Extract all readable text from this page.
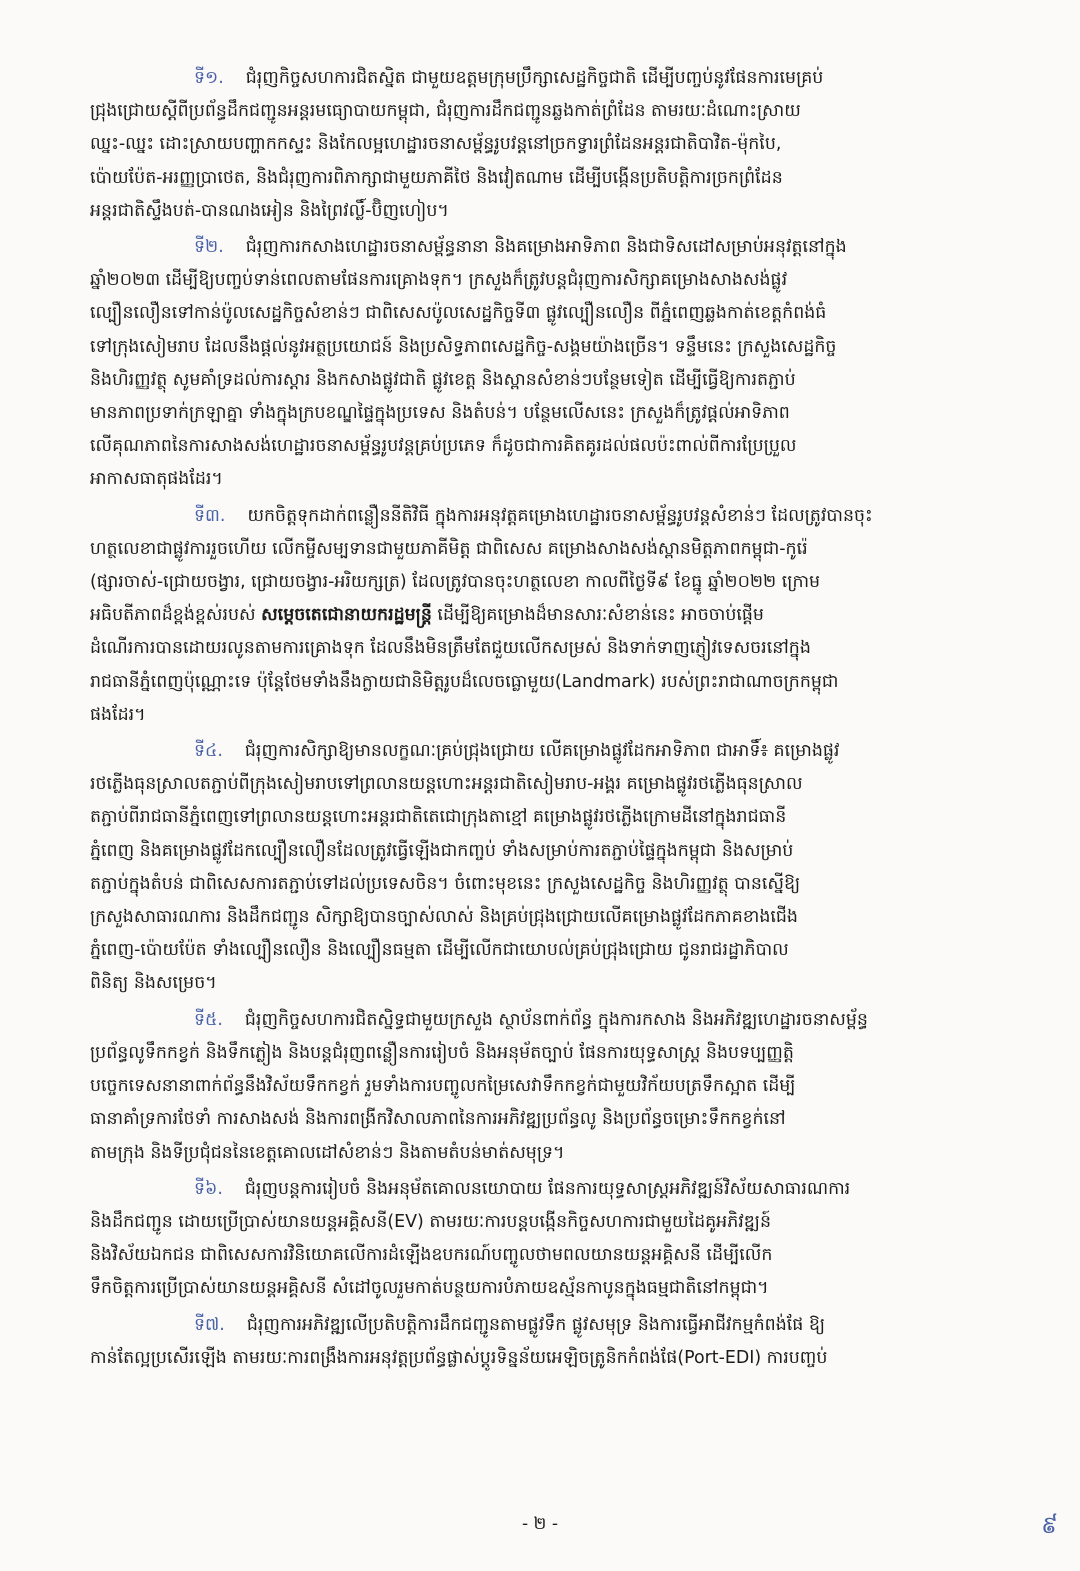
ទី១. ជំរុញកិច្ចសហការជិតស្និត ជាមួយឧត្តមក្រុមប្រឹក្សាសេដ្ឋកិច្ចជាតិ ដើម្បីបញ្ចប់នូវផែនការមេគ្រប់
ជ្រុងជ្រោយស្តីពីប្រព័ន្ធដឹកជញ្ជូនអន្តរមធ្យោបាយកម្ពុជា, ជំរុញការដឹកជញ្ជូនឆ្លងកាត់ព្រំដែន តាមរយៈដំណោះស្រាយ
ឈ្នះ-ឈ្នះ ដោះស្រាយបញ្ហាកកស្ទះ និងកែលម្អហេដ្ឋារចនាសម្ព័ន្ធរូបវន្តនៅច្រកទ្វារព្រំដែនអន្តរជាតិបាវិត-ម៉ុកបៃ,
ប៉ោយប៉ែត-អរញ្ញប្រាថេត, និងជំរុញការពិភាក្សាជាមួយភាគីថៃ និងវៀតណាម ដើម្បីបង្កើនប្រតិបត្តិការច្រកព្រំដែន
អន្តរជាតិស្ទឹងបត់-បានណងអៀន និងព្រៃវល្លិ៍-ប៊ិញហៀប។
ទី២. ជំរុញការកសាងហេដ្ឋារចនាសម្ព័ន្ធនានា និងគម្រោងអាទិភាព និងជាទិសដៅសម្រាប់អនុវត្តនៅក្នុង
ឆ្នាំ២០២៣ ដើម្បីឱ្យបញ្ចប់ទាន់ពេលតាមផែនការគ្រោងទុក។ ក្រសួងក៏ត្រូវបន្តជំរុញការសិក្សាគម្រោងសាងសង់ផ្លូវ
ល្បឿនលឿនទៅកាន់ប៉ូលសេដ្ឋកិច្ចសំខាន់ៗ ជាពិសេសប៉ូលសេដ្ឋកិច្ចទី៣ ផ្លូវល្បឿនលឿន ពីភ្នំពេញឆ្លងកាត់ខេត្តកំពង់ធំ
ទៅក្រុងសៀមរាប ដែលនឹងផ្តល់នូវអត្ថប្រយោជន៍ និងប្រសិទ្ធភាពសេដ្ឋកិច្ច-សង្គមយ៉ាងច្រើន។ ទន្ទឹមនេះ ក្រសួងសេដ្ឋកិច្ច
និងហិរញ្ញវត្ថុ សូមគាំទ្រដល់ការស្តារ និងកសាងផ្លូវជាតិ ផ្លូវខេត្ត និងស្ពានសំខាន់ៗបន្ថែមទៀត ដើម្បីធ្វើឱ្យការតភ្ជាប់
មានភាពប្រទាក់ក្រឡាគ្នា ទាំងក្នុងក្របខណ្ឌផ្ទៃក្នុងប្រទេស និងតំបន់។ បន្ថែមលើសនេះ ក្រសួងក៏ត្រូវផ្តល់អាទិភាព
លើគុណភាពនៃការសាងសង់ហេដ្ឋារចនាសម្ព័ន្ធរូបវន្តគ្រប់ប្រភេទ ក៏ដូចជាការគិតគូរដល់ផលប៉ះពាល់ពីការប្រែប្រួល
អាកាសធាតុផងដែរ។
ទី៣. យកចិត្តទុកដាក់ពន្លឿននីតិវិធី ក្នុងការអនុវត្តគម្រោងហេដ្ឋារចនាសម្ព័ន្ធរូបវន្តសំខាន់ៗ ដែលត្រូវបានចុះ
ហត្ថលេខាជាផ្លូវការរួចហើយ លើកម្ចីសម្បទានជាមួយភាគីមិត្ត ជាពិសេស គម្រោងសាងសង់ស្ពានមិត្តភាពកម្ពុជា-កូរ៉េ
(ផ្សារចាស់-ជ្រោយចង្វារ, ជ្រោយចង្វារ-អរិយក្សត្រ) ដែលត្រូវបានចុះហត្ថលេខា កាលពីថ្ងៃទី៩ ខែធ្នូ ឆ្នាំ២០២២ ក្រោម
អធិបតីភាពដ៏ខ្ពង់ខ្ពស់របស់ សម្តេចតេជោនាយករដ្ឋមន្ត្រី ដើម្បីឱ្យគម្រោងដ៏មានសារៈសំខាន់នេះ អាចចាប់ផ្តើម
ដំណើរការបានដោយរលូនតាមការគ្រោងទុក ដែលនឹងមិនត្រឹមតែជួយលើកសម្រស់ និងទាក់ទាញភ្ញៀវទេសចរនៅក្នុង
រាជធានីភ្នំពេញប៉ុណ្ណោះទេ ប៉ុន្តែថែមទាំងនឹងក្លាយជានិមិត្តរូបដ៏លេចធ្លោមួយ(Landmark) របស់ព្រះរាជាណាចក្រកម្ពុជា
ផងដែរ។
ទី៤. ជំរុញការសិក្សាឱ្យមានលក្ខណៈគ្រប់ជ្រុងជ្រោយ លើគម្រោងផ្លូវដែកអាទិភាព ជាអាទិ៍៖ គម្រោងផ្លូវ
រថភ្លើងធុនស្រាលតភ្ជាប់ពីក្រុងសៀមរាបទៅព្រលានយន្តហោះអន្តរជាតិសៀមរាប-អង្គរ គម្រោងផ្លូវរថភ្លើងធុនស្រាល
តភ្ជាប់ពីរាជធានីភ្នំពេញទៅព្រលានយន្តហោះអន្តរជាតិតេជោក្រុងតាខ្មៅ គម្រោងផ្លូវរថភ្លើងក្រោមដីនៅក្នុងរាជធានី
ភ្នំពេញ និងគម្រោងផ្លូវដែកល្បឿនលឿនដែលត្រូវធ្វើឡើងជាកញ្ចប់ ទាំងសម្រាប់ការតភ្ជាប់ផ្ទៃក្នុងកម្ពុជា និងសម្រាប់
តភ្ជាប់ក្នុងតំបន់ ជាពិសេសការតភ្ជាប់ទៅដល់ប្រទេសចិន។ ចំពោះមុខនេះ ក្រសួងសេដ្ឋកិច្ច និងហិរញ្ញវត្ថុ បានស្នើឱ្យ
ក្រសួងសាធារណការ និងដឹកជញ្ជូន សិក្សាឱ្យបានច្បាស់លាស់ និងគ្រប់ជ្រុងជ្រោយលើគម្រោងផ្លូវដែកភាគខាងជើង
ភ្នំពេញ-ប៉ោយប៉ែត ទាំងល្បឿនលឿន និងល្បឿនធម្មតា ដើម្បីលើកជាយោបល់គ្រប់ជ្រុងជ្រោយ ជូនរាជរដ្ឋាភិបាល
ពិនិត្យ និងសម្រេច។
ទី៥. ជំរុញកិច្ចសហការជិតស្និទ្ធជាមួយក្រសួង ស្ថាប័នពាក់ព័ន្ធ ក្នុងការកសាង និងអភិវឌ្ឍហេដ្ឋារចនាសម្ព័ន្ធ
ប្រព័ន្ធលូទឹកកខ្វក់ និងទឹកភ្លៀង និងបន្តជំរុញពន្លឿនការរៀបចំ និងអនុម័តច្បាប់ ផែនការយុទ្ធសាស្ត្រ និងបទប្បញ្ញត្តិ
បច្ចេកទេសនានាពាក់ព័ន្ធនឹងវិស័យទឹកកខ្វក់ រួមទាំងការបញ្ចូលកម្រៃសេវាទឹកកខ្វក់ជាមួយវិក័យបត្រទឹកស្អាត ដើម្បី
ធានាគាំទ្រការថែទាំ ការសាងសង់ និងការពង្រីកវិសាលភាពនៃការអភិវឌ្ឍប្រព័ន្ធលូ និងប្រព័ន្ធចម្រោះទឹកកខ្វក់នៅ
តាមក្រុង និងទីប្រជុំជននៃខេត្តគោលដៅសំខាន់ៗ និងតាមតំបន់មាត់សមុទ្រ។
ទី៦. ជំរុញបន្តការរៀបចំ និងអនុម័តគោលនយោបាយ ផែនការយុទ្ធសាស្ត្រអភិវឌ្ឍន៍វិស័យសាធារណការ
និងដឹកជញ្ជូន ដោយប្រើប្រាស់យានយន្តអគ្គិសនី(EV) តាមរយៈការបន្តបង្កើនកិច្ចសហការជាមួយដៃគូអភិវឌ្ឍន៍
និងវិស័យឯកជន ជាពិសេសការវិនិយោគលើការដំឡើងឧបករណ៍បញ្ចូលថាមពលយានយន្តអគ្គិសនី ដើម្បីលើក
ទឹកចិត្តការប្រើប្រាស់យានយន្តអគ្គិសនី សំដៅចូលរួមកាត់បន្ថយការបំភាយឧស្ម័នកាបូនក្នុងធម្មជាតិនៅកម្ពុជា។
ទី៧. ជំរុញការអភិវឌ្ឍលើប្រតិបត្តិការដឹកជញ្ជូនតាមផ្លូវទឹក ផ្លូវសមុទ្រ និងការធ្វើអាជីវកម្មកំពង់ផែ ឱ្យ
កាន់តែល្អប្រសើរឡើង តាមរយៈការពង្រឹងការអនុវត្តប្រព័ន្ធផ្លាស់ប្តូរទិន្នន័យអេឡិចត្រូនិកកំពង់ផែ(Port-EDI) ការបញ្ចប់
- ២ -	៩
